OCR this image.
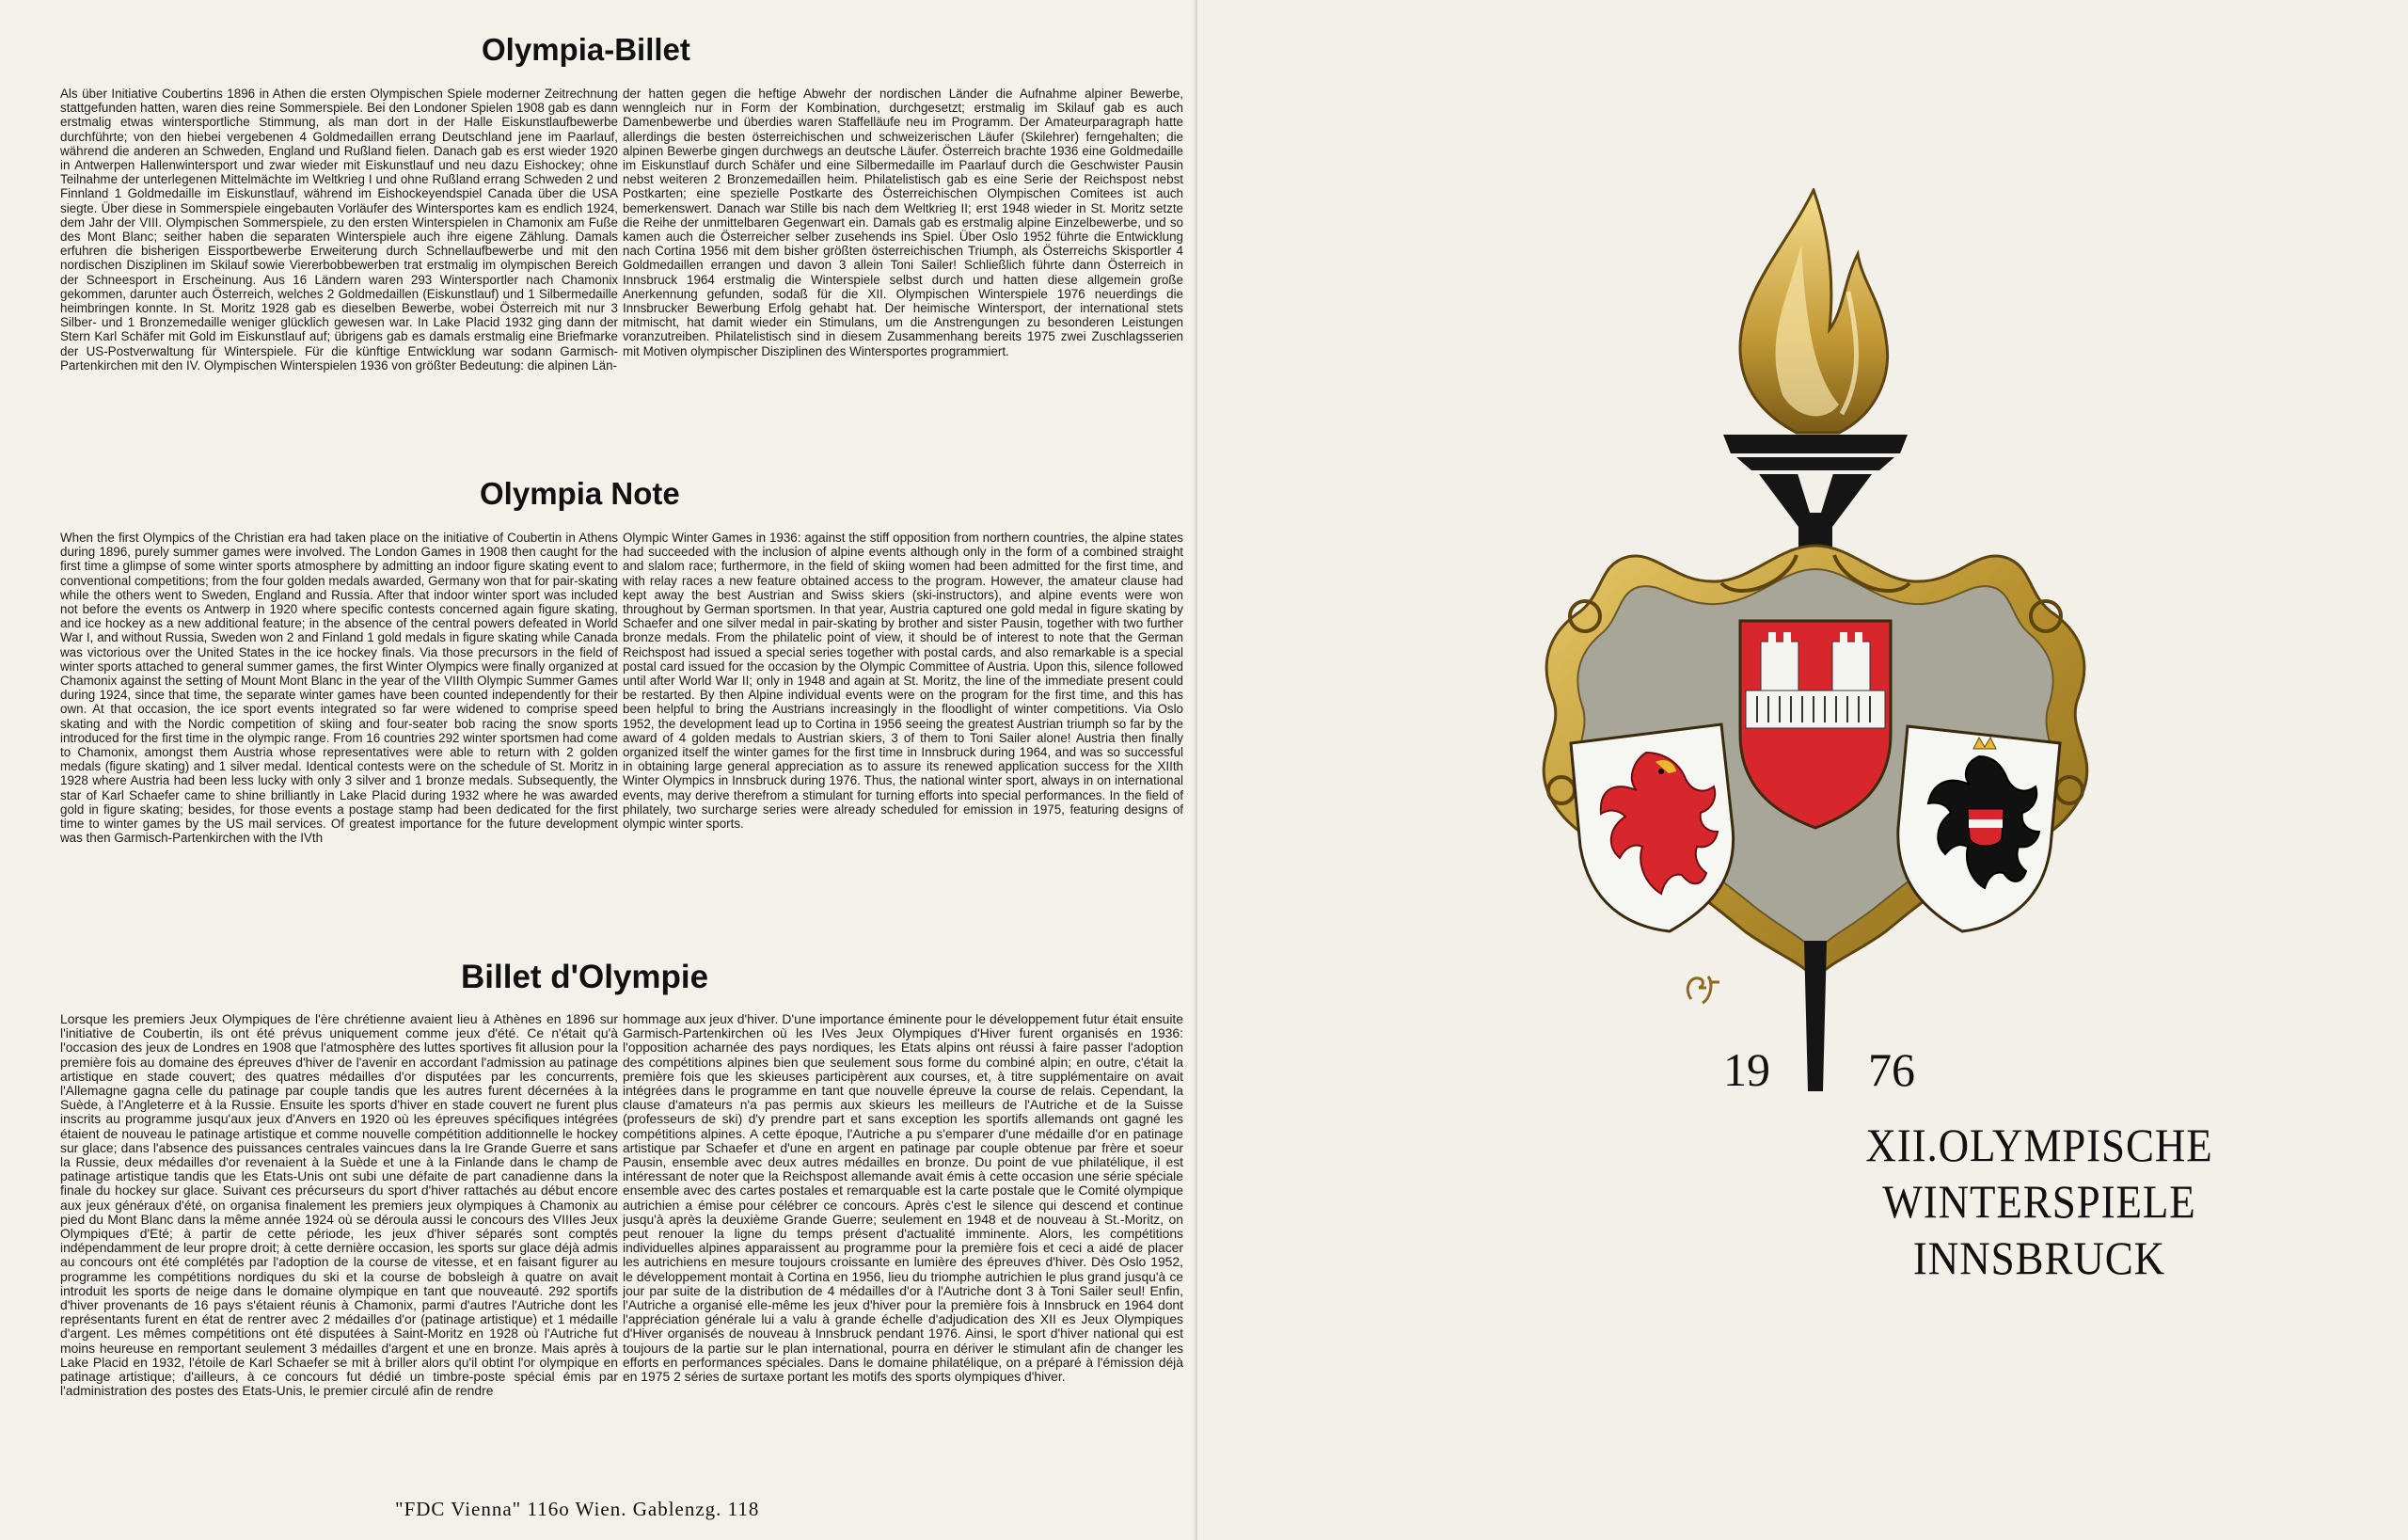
Olympia-Billet

Als über Initiative Coubertins 1896 in Athen die ersten Olympischen Spiele moderner Zeitrechnung stattgefunden hatten, waren dies reine Sommerspiele. Bei den Londoner Spielen 1908 gab es dann erstmalig etwas wintersportliche Stimmung, als man dort in der Halle Eiskunstlaufbewerbe durchführte; von den hiebei vergebenen 4 Goldmedaillen errang Deutschland jene im Paarlauf, während die anderen an Schweden, England und Rußland fielen. Danach gab es erst wieder 1920 in Antwerpen Hallenwintersport und zwar wieder mit Eiskunstlauf und neu dazu Eishockey; ohne Teilnahme der unterlegenen Mittelmächte im Weltkrieg I und ohne Rußland errang Schweden 2 und Finnland 1 Goldmedaille im Eiskunstlauf, während im Eishockeyendspiel Canada über die USA siegte. Über diese in Sommerspiele eingebauten Vorläufer des Wintersportes kam es endlich 1924, dem Jahr der VIII. Olympischen Sommerspiele, zu den ersten Winterspielen in Chamonix am Fuße des Mont Blanc; seither haben die separaten Winterspiele auch ihre eigene Zählung. Damals erfuhren die bisherigen Eissportbewerbe Erweiterung durch Schnellaufbewerbe und mit den nordischen Disziplinen im Skilauf sowie Viererbobbewerben trat erstmalig im olympischen Bereich der Schneesport in Erscheinung. Aus 16 Ländern waren 293 Wintersportler nach Chamonix gekommen, darunter auch Österreich, welches 2 Goldmedaillen (Eiskunstlauf) und 1 Silbermedaille heimbringen konnte. In St. Moritz 1928 gab es dieselben Bewerbe, wobei Österreich mit nur 3 Silber- und 1 Bronzemedaille weniger glücklich gewesen war. In Lake Placid 1932 ging dann der Stern Karl Schäfer mit Gold im Eiskunstlauf auf; übrigens gab es damals erstmalig eine Briefmarke der US-Postverwaltung für Winterspiele. Für die künftige Entwicklung war sodann Garmisch-Partenkirchen mit den IV. Olympischen Winterspielen 1936 von größter Bedeutung: die alpinen Län-

der hatten gegen die heftige Abwehr der nordischen Länder die Aufnahme alpiner Bewerbe, wenngleich nur in Form der Kombination, durchgesetzt; erstmalig im Skilauf gab es auch Damenbewerbe und überdies waren Staffelläufe neu im Programm. Der Amateurparagraph hatte allerdings die besten österreichischen und schweizerischen Läufer (Skilehrer) ferngehalten; die alpinen Bewerbe gingen durchwegs an deutsche Läufer. Österreich brachte 1936 eine Goldmedaille im Eiskunstlauf durch Schäfer und eine Silbermedaille im Paarlauf durch die Geschwister Pausin nebst weiteren 2 Bronzemedaillen heim. Philatelistisch gab es eine Serie der Reichspost nebst Postkarten; eine spezielle Postkarte des Österreichischen Olympischen Comitees ist auch bemerkenswert. Danach war Stille bis nach dem Weltkrieg II; erst 1948 wieder in St. Moritz setzte die Reihe der unmittelbaren Gegenwart ein. Damals gab es erstmalig alpine Einzelbewerbe, und so kamen auch die Österreicher selber zusehends ins Spiel. Über Oslo 1952 führte die Entwicklung nach Cortina 1956 mit dem bisher größten österreichischen Triumph, als Österreichs Skisportler 4 Goldmedaillen errangen und davon 3 allein Toni Sailer! Schließlich führte dann Österreich in Innsbruck 1964 erstmalig die Winterspiele selbst durch und hatten diese allgemein große Anerkennung gefunden, sodaß für die XII. Olympischen Winterspiele 1976 neuerdings die Innsbrucker Bewerbung Erfolg gehabt hat. Der heimische Wintersport, der international stets mitmischt, hat damit wieder ein Stimulans, um die Anstrengungen zu besonderen Leistungen voranzutreiben. Philatelistisch sind in diesem Zusammenhang bereits 1975 zwei Zuschlagsserien mit Motiven olympischer Disziplinen des Wintersportes programmiert.

Olympia Note

When the first Olympics of the Christian era had taken place on the initiative of Coubertin in Athens during 1896, purely summer games were involved. The London Games in 1908 then caught for the first time a glimpse of some winter sports atmosphere by admitting an indoor figure skating event to conventional competitions; from the four golden medals awarded, Germany won that for pair-skating while the others went to Sweden, England and Russia. After that indoor winter sport was included not before the events os Antwerp in 1920 where specific contests concerned again figure skating, and ice hockey as a new additional feature; in the absence of the central powers defeated in World War I, and without Russia, Sweden won 2 and Finland 1 gold medals in figure skating while Canada was victorious over the United States in the ice hockey finals. Via those precursors in the field of winter sports attached to general summer games, the first Winter Olympics were finally organized at Chamonix against the setting of Mount Mont Blanc in the year of the VIIIth Olympic Summer Games during 1924, since that time, the separate winter games have been counted independently for their own. At that occasion, the ice sport events integrated so far were widened to comprise speed skating and with the Nordic competition of skiing and four-seater bob racing the snow sports introduced for the first time in the olympic range. From 16 countries 292 winter sportsmen had come to Chamonix, amongst them Austria whose representatives were able to return with 2 golden medals (figure skating) and 1 silver medal. Identical contests were on the schedule of St. Moritz in 1928 where Austria had been less lucky with only 3 silver and 1 bronze medals. Subsequently, the star of Karl Schaefer came to shine brilliantly in Lake Placid during 1932 where he was awarded gold in figure skating; besides, for those events a postage stamp had been dedicated for the first time to winter games by the US mail services. Of greatest importance for the future development was then Garmisch-Partenkirchen with the IVth

Olympic Winter Games in 1936: against the stiff opposition from northern countries, the alpine states had succeeded with the inclusion of alpine events although only in the form of a combined straight and slalom race; furthermore, in the field of skiing women had been admitted for the first time, and with relay races a new feature obtained access to the program. However, the amateur clause had kept away the best Austrian and Swiss skiers (ski-instructors), and alpine events were won throughout by German sportsmen. In that year, Austria captured one gold medal in figure skating by Schaefer and one silver medal in pair-skating by brother and sister Pausin, together with two further bronze medals. From the philatelic point of view, it should be of interest to note that the German Reichspost had issued a special series together with postal cards, and also remarkable is a special postal card issued for the occasion by the Olympic Committee of Austria. Upon this, silence followed until after World War II; only in 1948 and again at St. Moritz, the line of the immediate present could be restarted. By then Alpine individual events were on the program for the first time, and this has been helpful to bring the Austrians increasingly in the floodlight of winter competitions. Via Oslo 1952, the development lead up to Cortina in 1956 seeing the greatest Austrian triumph so far by the award of 4 golden medals to Austrian skiers, 3 of them to Toni Sailer alone! Austria then finally organized itself the winter games for the first time in Innsbruck during 1964, and was so successful in obtaining large general appreciation as to assure its renewed application success for the XIIth Winter Olympics in Innsbruck during 1976. Thus, the national winter sport, always in on international events, may derive therefrom a stimulant for turning efforts into special performances. In the field of philately, two surcharge series were already scheduled for emission in 1975, featuring designs of olympic winter sports.

Billet d'Olympie

Lorsque les premiers Jeux Olympiques de l'ère chrétienne avaient lieu à Athènes en 1896 sur l'initiative de Coubertin, ils ont été prévus uniquement comme jeux d'été. Ce n'était qu'à l'occasion des jeux de Londres en 1908 que l'atmosphère des luttes sportives fit allusion pour la première fois au domaine des épreuves d'hiver de l'avenir en accordant l'admission au patinage artistique en stade couvert; des quatres médailles d'or disputées par les concurrents, l'Allemagne gagna celle du patinage par couple tandis que les autres furent décernées à la Suède, à l'Angleterre et à la Russie. Ensuite les sports d'hiver en stade couvert ne furent plus inscrits au programme jusqu'aux jeux d'Anvers en 1920 où les épreuves spécifiques intégrées étaient de nouveau le patinage artistique et comme nouvelle compétition additionnelle le hockey sur glace; dans l'absence des puissances centrales vaincues dans la Ire Grande Guerre et sans la Russie, deux médailles d'or revenaient à la Suède et une à la Finlande dans le champ de patinage artistique tandis que les Etats-Unis ont subi une défaite de part canadienne dans la finale du hockey sur glace. Suivant ces précurseurs du sport d'hiver rattachés au début encore aux jeux généraux d'été, on organisa finalement les premiers jeux olympiques à Chamonix au pied du Mont Blanc dans la même année 1924 où se déroula aussi le concours des VIIIes Jeux Olympiques d'Eté; à partir de cette période, les jeux d'hiver séparés sont comptés indépendamment de leur propre droit; à cette dernière occasion, les sports sur glace déjà admis au concours ont été complétés par l'adoption de la course de vitesse, et en faisant figurer au programme les compétitions nordiques du ski et la course de bobsleigh à quatre on avait introduit les sports de neige dans le domaine olympique en tant que nouveauté. 292 sportifs d'hiver provenants de 16 pays s'étaient réunis à Chamonix, parmi d'autres l'Autriche dont les représentants furent en état de rentrer avec 2 médailles d'or (patinage artistique) et 1 médaille d'argent. Les mêmes compétitions ont été disputées à Saint-Moritz en 1928 où l'Autriche fut moins heureuse en remportant seulement 3 médailles d'argent et une en bronze. Mais après à Lake Placid en 1932, l'étoile de Karl Schaefer se mit à briller alors qu'il obtint l'or olympique en patinage artistique; d'ailleurs, à ce concours fut dédié un timbre-poste spécial émis par l'administration des postes des Etats-Unis, le premier circulé afin de rendre

hommage aux jeux d'hiver. D'une importance éminente pour le développement futur était ensuite Garmisch-Partenkirchen où les IVes Jeux Olympiques d'Hiver furent organisés en 1936: l'opposition acharnée des pays nordiques, les Etats alpins ont réussi à faire passer l'adoption des compétitions alpines bien que seulement sous forme du combiné alpin; en outre, c'était la première fois que les skieuses participèrent aux courses, et, à titre supplémentaire on avait intégrées dans le programme en tant que nouvelle épreuve la course de relais. Cependant, la clause d'amateurs n'a pas permis aux skieurs les meilleurs de l'Autriche et de la Suisse (professeurs de ski) d'y prendre part et sans exception les sportifs allemands ont gagné les compétitions alpines. A cette époque, l'Autriche a pu s'emparer d'une médaille d'or en patinage artistique par Schaefer et d'une en argent en patinage par couple obtenue par frère et soeur Pausin, ensemble avec deux autres médailles en bronze. Du point de vue philatélique, il est intéressant de noter que la Reichspost allemande avait émis à cette occasion une série spéciale ensemble avec des cartes postales et remarquable est la carte postale que le Comité olympique autrichien a émise pour célébrer ce concours. Après c'est le silence qui descend et continue jusqu'à après la deuxième Grande Guerre; seulement en 1948 et de nouveau à St.-Moritz, on peut renouer la ligne du temps présent d'actualité imminente. Alors, les compétitions individuelles alpines apparaissent au programme pour la première fois et ceci a aidé de placer les autrichiens en mesure toujours croissante en lumière des épreuves d'hiver. Dès Oslo 1952, le développement montait à Cortina en 1956, lieu du triomphe autrichien le plus grand jusqu'à ce jour par suite de la distribution de 4 médailles d'or à l'Autriche dont 3 à Toni Sailer seul! Enfin, l'Autriche a organisé elle-même les jeux d'hiver pour la première fois à Innsbruck en 1964 dont l'appréciation générale lui a valu à grande échelle d'adjudication des XII es Jeux Olympiques d'Hiver organisés de nouveau à Innsbruck pendant 1976. Ainsi, le sport d'hiver national qui est toujours de la partie sur le plan international, pourra en dériver le stimulant afin de changer les efforts en performances spéciales. Dans le domaine philatélique, on a préparé à l'émission déjà en 1975 2 séries de surtaxe portant les motifs des sports olympiques d'hiver.

"FDC Vienna" 116o Wien. Gablenzg. 118
19 76
XII.OLYMPISCHE
WINTERSPIELE
INNSBRUCK
